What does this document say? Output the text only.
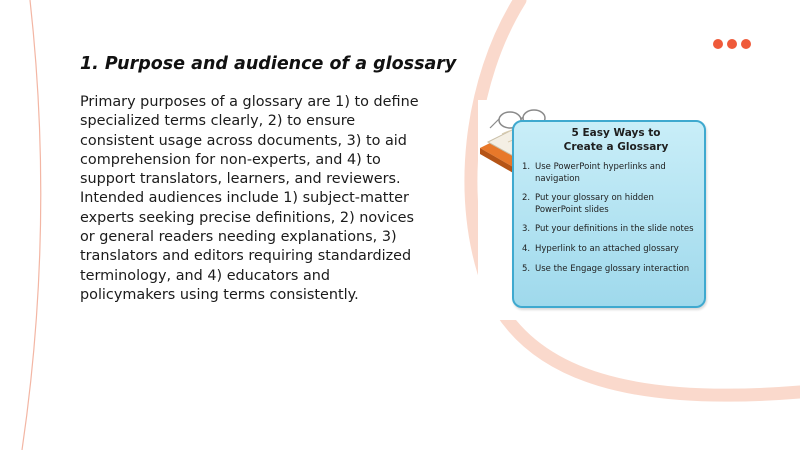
1. Purpose and audience of a glossary

Primary purposes of a glossary are 1) to define specialized terms clearly, 2) to ensure consistent usage across documents, 3) to aid comprehension for non-experts, and 4) to support translators, learners, and reviewers. Intended audiences include 1) subject-matter experts seeking precise definitions, 2) novices or general readers needing explanations, 3) translators and editors requiring standardized terminology, and 4) educators and policymakers using terms consistently.

5 Easy Ways to Create a Glossary
1. Use PowerPoint hyperlinks and navigation
2. Put your glossary on hidden PowerPoint slides
3. Put your definitions in the slide notes
4. Hyperlink to an attached glossary
5. Use the Engage glossary interaction
